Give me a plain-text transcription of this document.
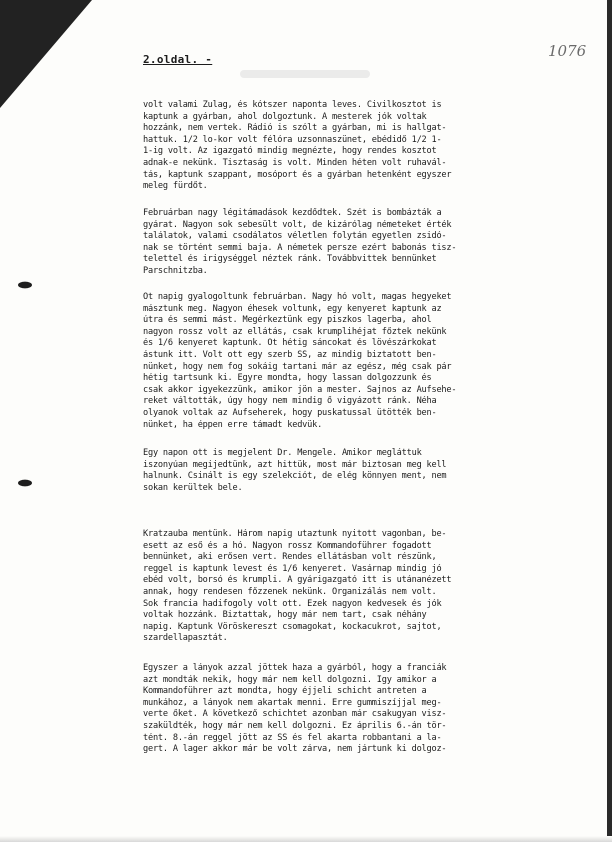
2.oldal. -	1076
volt valami Zulag, és kótszer naponta leves. Civilkosztot is
kaptunk a gyárban, ahol dolgoztunk. A mesterek jók voltak
hozzánk, nem vertek. Rádió is szólt a gyárban, mi is hallgat-
hattuk. 1/2 lo-kor volt félóra uzsonnaszünet, ebédidő 1/2 1-
1-ig volt. Az igazgató mindig megnézte, hogy rendes kosztot
adnak-e nekünk. Tisztaság is volt. Minden héten volt ruhavál-
tás, kaptunk szappant, mosóport és a gyárban hetenként egyszer
meleg fürdőt.
Februárban nagy légitámadások kezdődtek. Szét is bombázták a
gyárat. Nagyon sok sebesült volt, de kizárólag németeket érték
találatok, valami csodálatos véletlen folytán egyetlen zsidó-
nak se történt semmi baja. A németek persze ezért babonás tisz-
telettel és irigységgel néztek ránk. Továbbvittek bennünket
Parschnitzba.
Öt napig gyalogoltunk februárban. Nagy hó volt, magas hegyeket
másztunk meg. Nagyon éhesek voltunk, egy kenyeret kaptunk az
útra és semmi mást. Megérkeztünk egy piszkos lagerba, ahol
nagyon rossz volt az ellátás, csak krumplihéjat főztek nekünk
és 1/6 kenyeret kaptunk. Öt hétig sáncokat és lövészárkokat
ástunk itt. Volt ott egy szerb SS, az mindig biztatott ben-
nünket, hogy nem fog sokáig tartani már az egész, még csak pár
hétig tartsunk ki. Egyre mondta, hogy lassan dolgozzunk és
csak akkor igyekezzünk, amikor jön a mester. Sajnos az Aufsehe-
reket váltották, úgy hogy nem mindig ő vigyázott ránk. Néha
olyanok voltak az Aufseherek, hogy puskatussal ütötték ben-
nünket, ha éppen erre támadt kedvük.
Egy napon ott is megjelent Dr. Mengele. Amikor megláttuk
iszonyúan megijedtünk, azt hittük, most már biztosan meg kell
halnunk. Csinált is egy szelekciót, de elég könnyen ment, nem
sokan kerültek bele.
Kratzauba mentünk. Három napig utaztunk nyitott vagonban, be-
esett az eső és a hó. Nagyon rossz Kommandoführer fogadott
bennünket, aki erősen vert. Rendes ellátásban volt részünk,
reggel is kaptunk levest és 1/6 kenyeret. Vasárnap mindig jó
ebéd volt, borsó és krumpli. A gyárigazgató itt is utánanézett
annak, hogy rendesen főzzenek nekünk. Organizálás nem volt.
Sok francia hadifogoly volt ott. Ezek nagyon kedvesek és jók
voltak hozzánk. Biztattak, hogy már nem tart, csak néhány
napig. Kaptunk Vöröskereszt csomagokat, kockacukrot, sajtot,
szardellapasztát.
Egyszer a lányok azzal jöttek haza a gyárból, hogy a franciák
azt mondták nekik, hogy már nem kell dolgozni. Így amikor a
Kommandoführer azt mondta, hogy éjjeli schicht antreten a
munkához, a lányok nem akartak menni. Erre gummiszíjjal meg-
verte őket. A következő schichtet azonban már csakugyan visz-
szaküldték, hogy már nem kell dolgozni. Ez április 6.-án tör-
tént. 8.-án reggel jött az SS és fel akarta robbantani a la-
gert. A lager akkor már be volt zárva, nem jártunk ki dolgoz-
